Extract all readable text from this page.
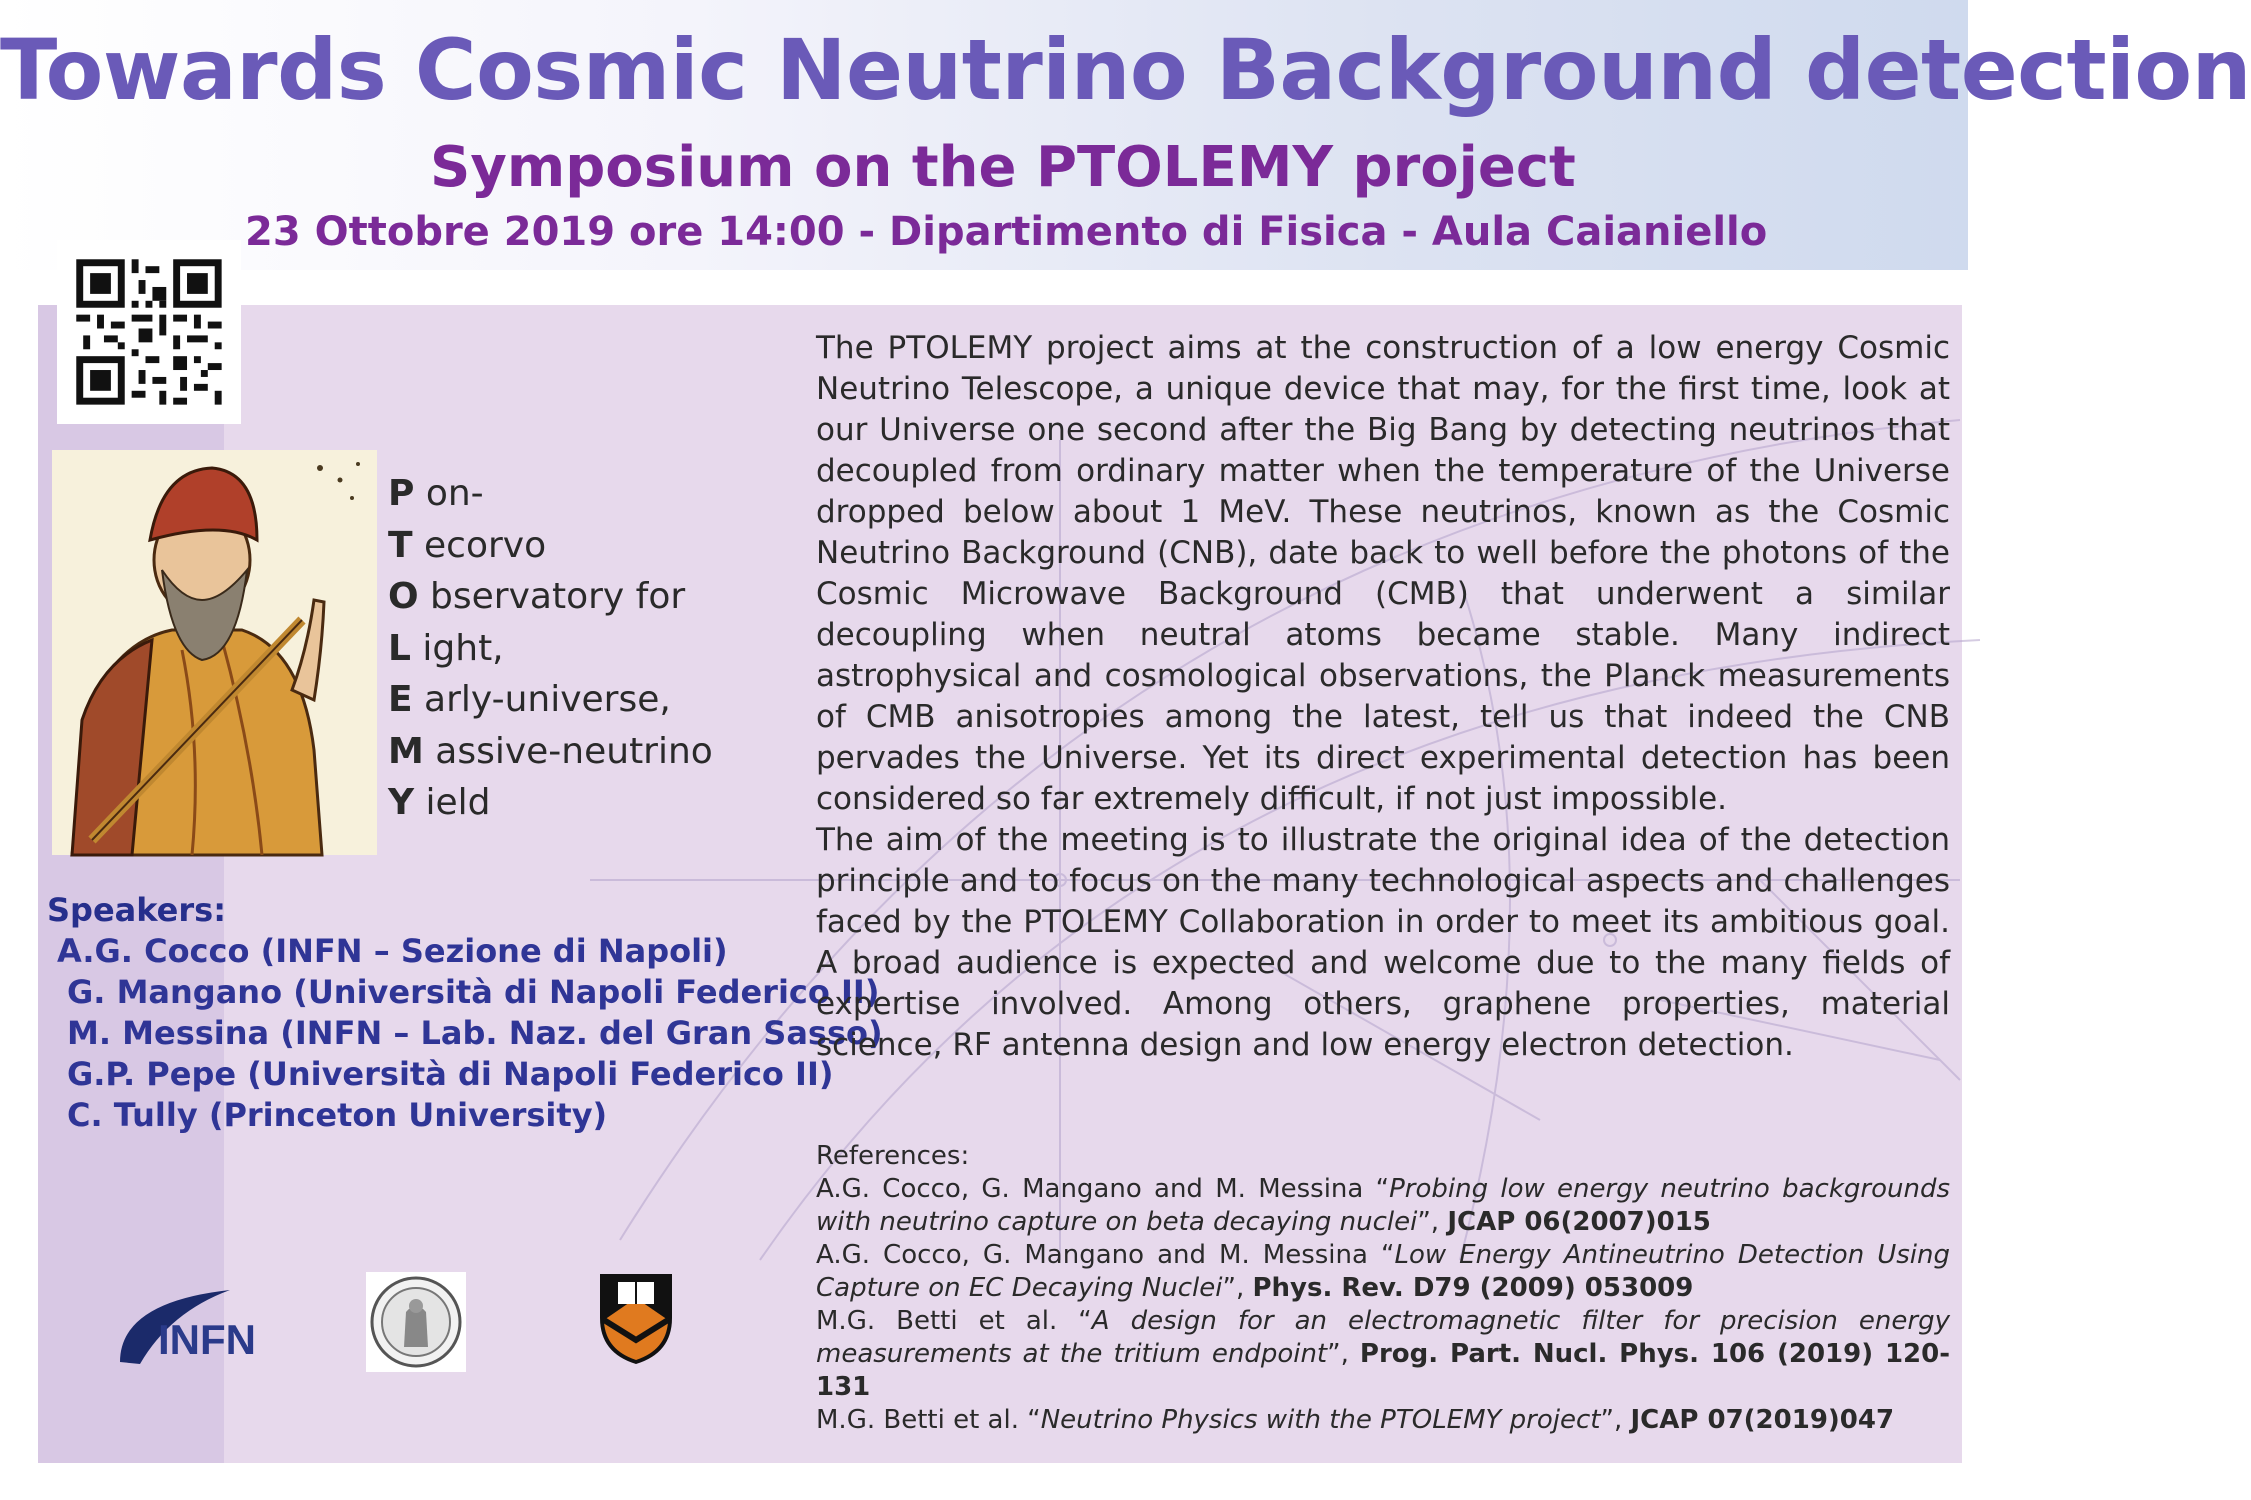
Towards Cosmic Neutrino Background detection
Symposium on the PTOLEMY project
23 Ottobre 2019 ore 14:00 - Dipartimento di Fisica - Aula Caianiello
P on-
T ecorvo
O bservatory for
L ight,
E arly-universe,
M assive-neutrino
Y ield
Speakers:
A.G. Cocco (INFN – Sezione di Napoli)
G. Mangano (Università di Napoli Federico II)
M. Messina (INFN – Lab. Naz. del Gran Sasso)
G.P. Pepe (Università di Napoli Federico II)
C. Tully (Princeton University)
INFN

The PTOLEMY project aims at the construction of a low energy Cosmic Neutrino Telescope, a unique device that may, for the first time, look at our Universe one second after the Big Bang by detecting neutrinos that decoupled from ordinary matter when the temperature of the Universe dropped below about 1 MeV. These neutrinos, known as the Cosmic Neutrino Background (CNB), date back to well before the photons of the Cosmic Microwave Background (CMB) that underwent a similar decoupling when neutral atoms became stable. Many indirect astrophysical and cosmological observations, the Planck measurements of CMB anisotropies among the latest, tell us that indeed the CNB pervades the Universe. Yet its direct experimental detection has been considered so far extremely difficult, if not just impossible.

The aim of the meeting is to illustrate the original idea of the detection principle and to focus on the many technological aspects and challenges faced by the PTOLEMY Collaboration in order to meet its ambitious goal. A broad audience is expected and welcome due to the many fields of expertise involved. Among others, graphene properties, material science, RF antenna design and low energy electron detection.

References:

A.G. Cocco, G. Mangano and M. Messina “Probing low energy neutrino backgrounds with neutrino capture on beta decaying nuclei”, JCAP 06(2007)015

A.G. Cocco, G. Mangano and M. Messina “Low Energy Antineutrino Detection Using Capture on EC Decaying Nuclei”, Phys. Rev. D79 (2009) 053009

M.G. Betti et al. “A design for an electromagnetic filter for precision energy measurements at the tritium endpoint”, Prog. Part. Nucl. Phys. 106 (2019) 120-131

M.G. Betti et al. “Neutrino Physics with the PTOLEMY project”, JCAP 07(2019)047
